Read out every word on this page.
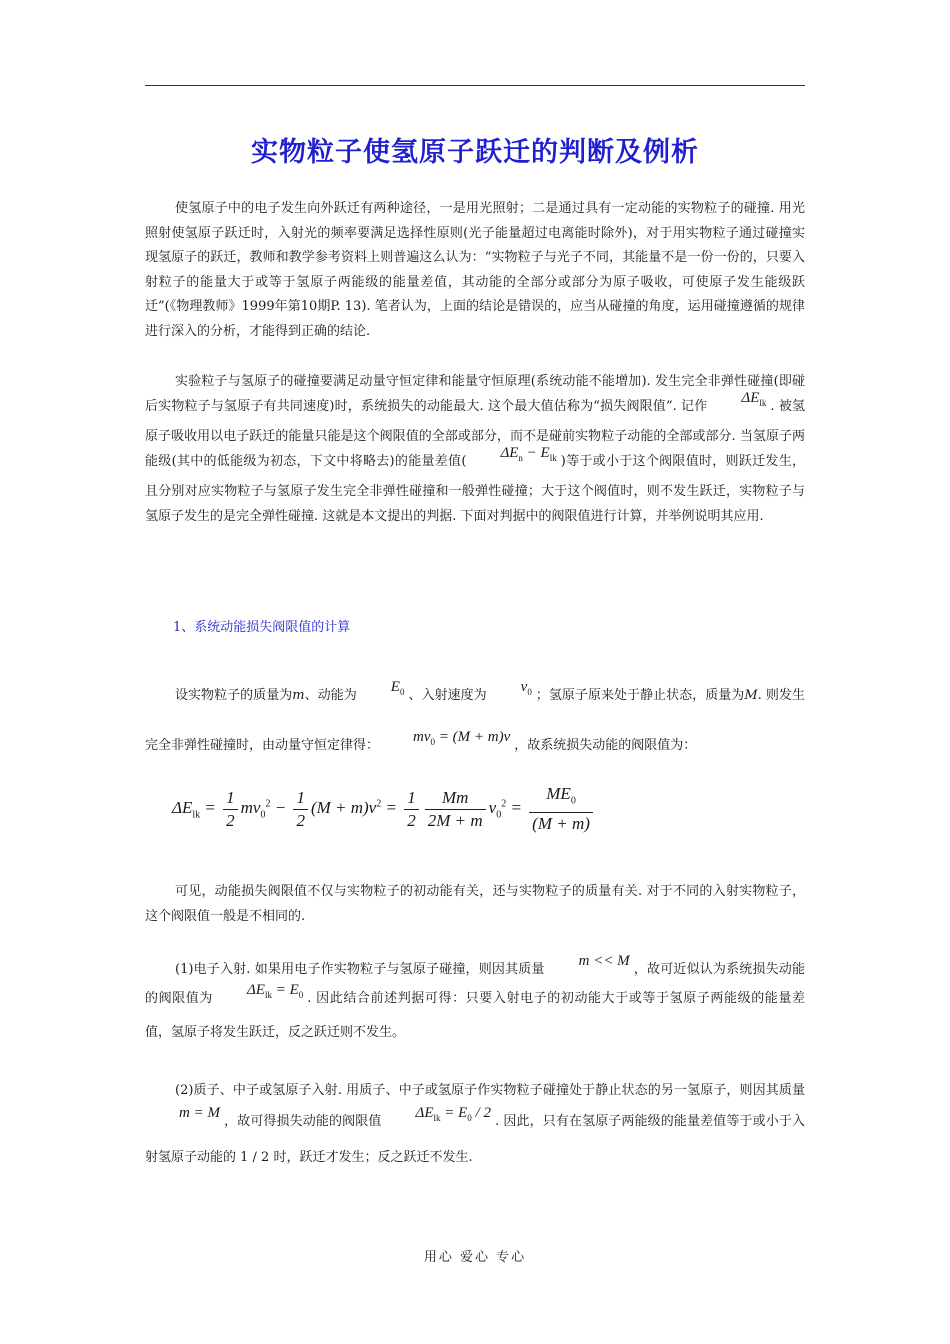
实物粒子使氢原子跃迁的判断及例析

使氢原子中的电子发生向外跃迁有两种途径，一是用光照射；二是通过具有一定动能的实物粒子的碰撞. 用光照射使氢原子跃迁时，入射光的频率要满足选择性原则(光子能量超过电离能时除外)，对于用实物粒子通过碰撞实现氢原子的跃迁，教师和教学参考资料上则普遍这么认为：“实物粒子与光子不同，其能量不是一份一份的，只要入射粒子的能量大于或等于氢原子两能级的能量差值，其动能的全部分或部分为原子吸收，可使原子发生能级跃迁”(《物理教师》1999年第10期P. 13). 笔者认为，上面的结论是错误的，应当从碰撞的角度，运用碰撞遵循的规律进行深入的分析，才能得到正确的结论.

实验粒子与氢原子的碰撞要满足动量守恒定律和能量守恒原理(系统动能不能增加). 发生完全非弹性碰撞(即碰后实物粒子与氢原子有共同速度)时，系统损失的动能最大. 这个最大值估称为“损失阀限值”. 记作$\Delta E_{lk}$ . 被氢原子吸收用以电子跃迁的能量只能是这个阀限值的全部或部分，而不是碰前实物粒子动能的全部或部分. 当氢原子两能级(其中的低能级为初态，下文中将略去)的能量差值($\Delta E_n - E_{lk}$ )等于或小于这个阀限值时，则跃迁发生，且分别对应实物粒子与氢原子发生完全非弹性碰撞和一般弹性碰撞；大于这个阀值时，则不发生跃迁，实物粒子与氢原子发生的是完全弹性碰撞. 这就是本文提出的判据. 下面对判据中的阀限值进行计算，并举例说明其应用.

1、系统动能损失阀限值的计算

设实物粒子的质量为m、动能为$E_0$ 、入射速度为$v_0$ ；氢原子原来处于静止状态，质量为M. 则发生完全非弹性碰撞时，由动量守恒定律得：$mv_0 = (M + m)v$，故系统损失动能的阀限值为：

$\Delta E_{lk} = \frac{1}{2} mv_0^2 - \frac{1}{2} (M + m)v^2 = \frac{1}{2} \frac{Mm}{2M + m} v_0^2 = \frac{ME_0}{(M + m)}$

可见，动能损失阀限值不仅与实物粒子的初动能有关，还与实物粒子的质量有关. 对于不同的入射实物粒子，这个阀限值一般是不相同的.

(1)电子入射. 如果用电子作实物粒子与氢原子碰撞，则因其质量m << M，故可近似认为系统损失动能的阀限值为$\Delta E_{lk} = E_0$ . 因此结合前述判据可得：只要入射电子的初动能大于或等于氢原子两能级的能量差值，氢原子将发生跃迁，反之跃迁则不发生。

(2)质子、中子或氢原子入射. 用质子、中子或氢原子作实物粒子碰撞处于静止状态的另一氢原子，则因其质量m = M，故可得损失动能的阀限值$\Delta E_{lk} = E_0 / 2$. 因此，只有在氢原子两能级的能量差值等于或小于入射氢原子动能的 1 / 2 时，跃迁才发生；反之跃迁不发生.

用心 爱心 专心
